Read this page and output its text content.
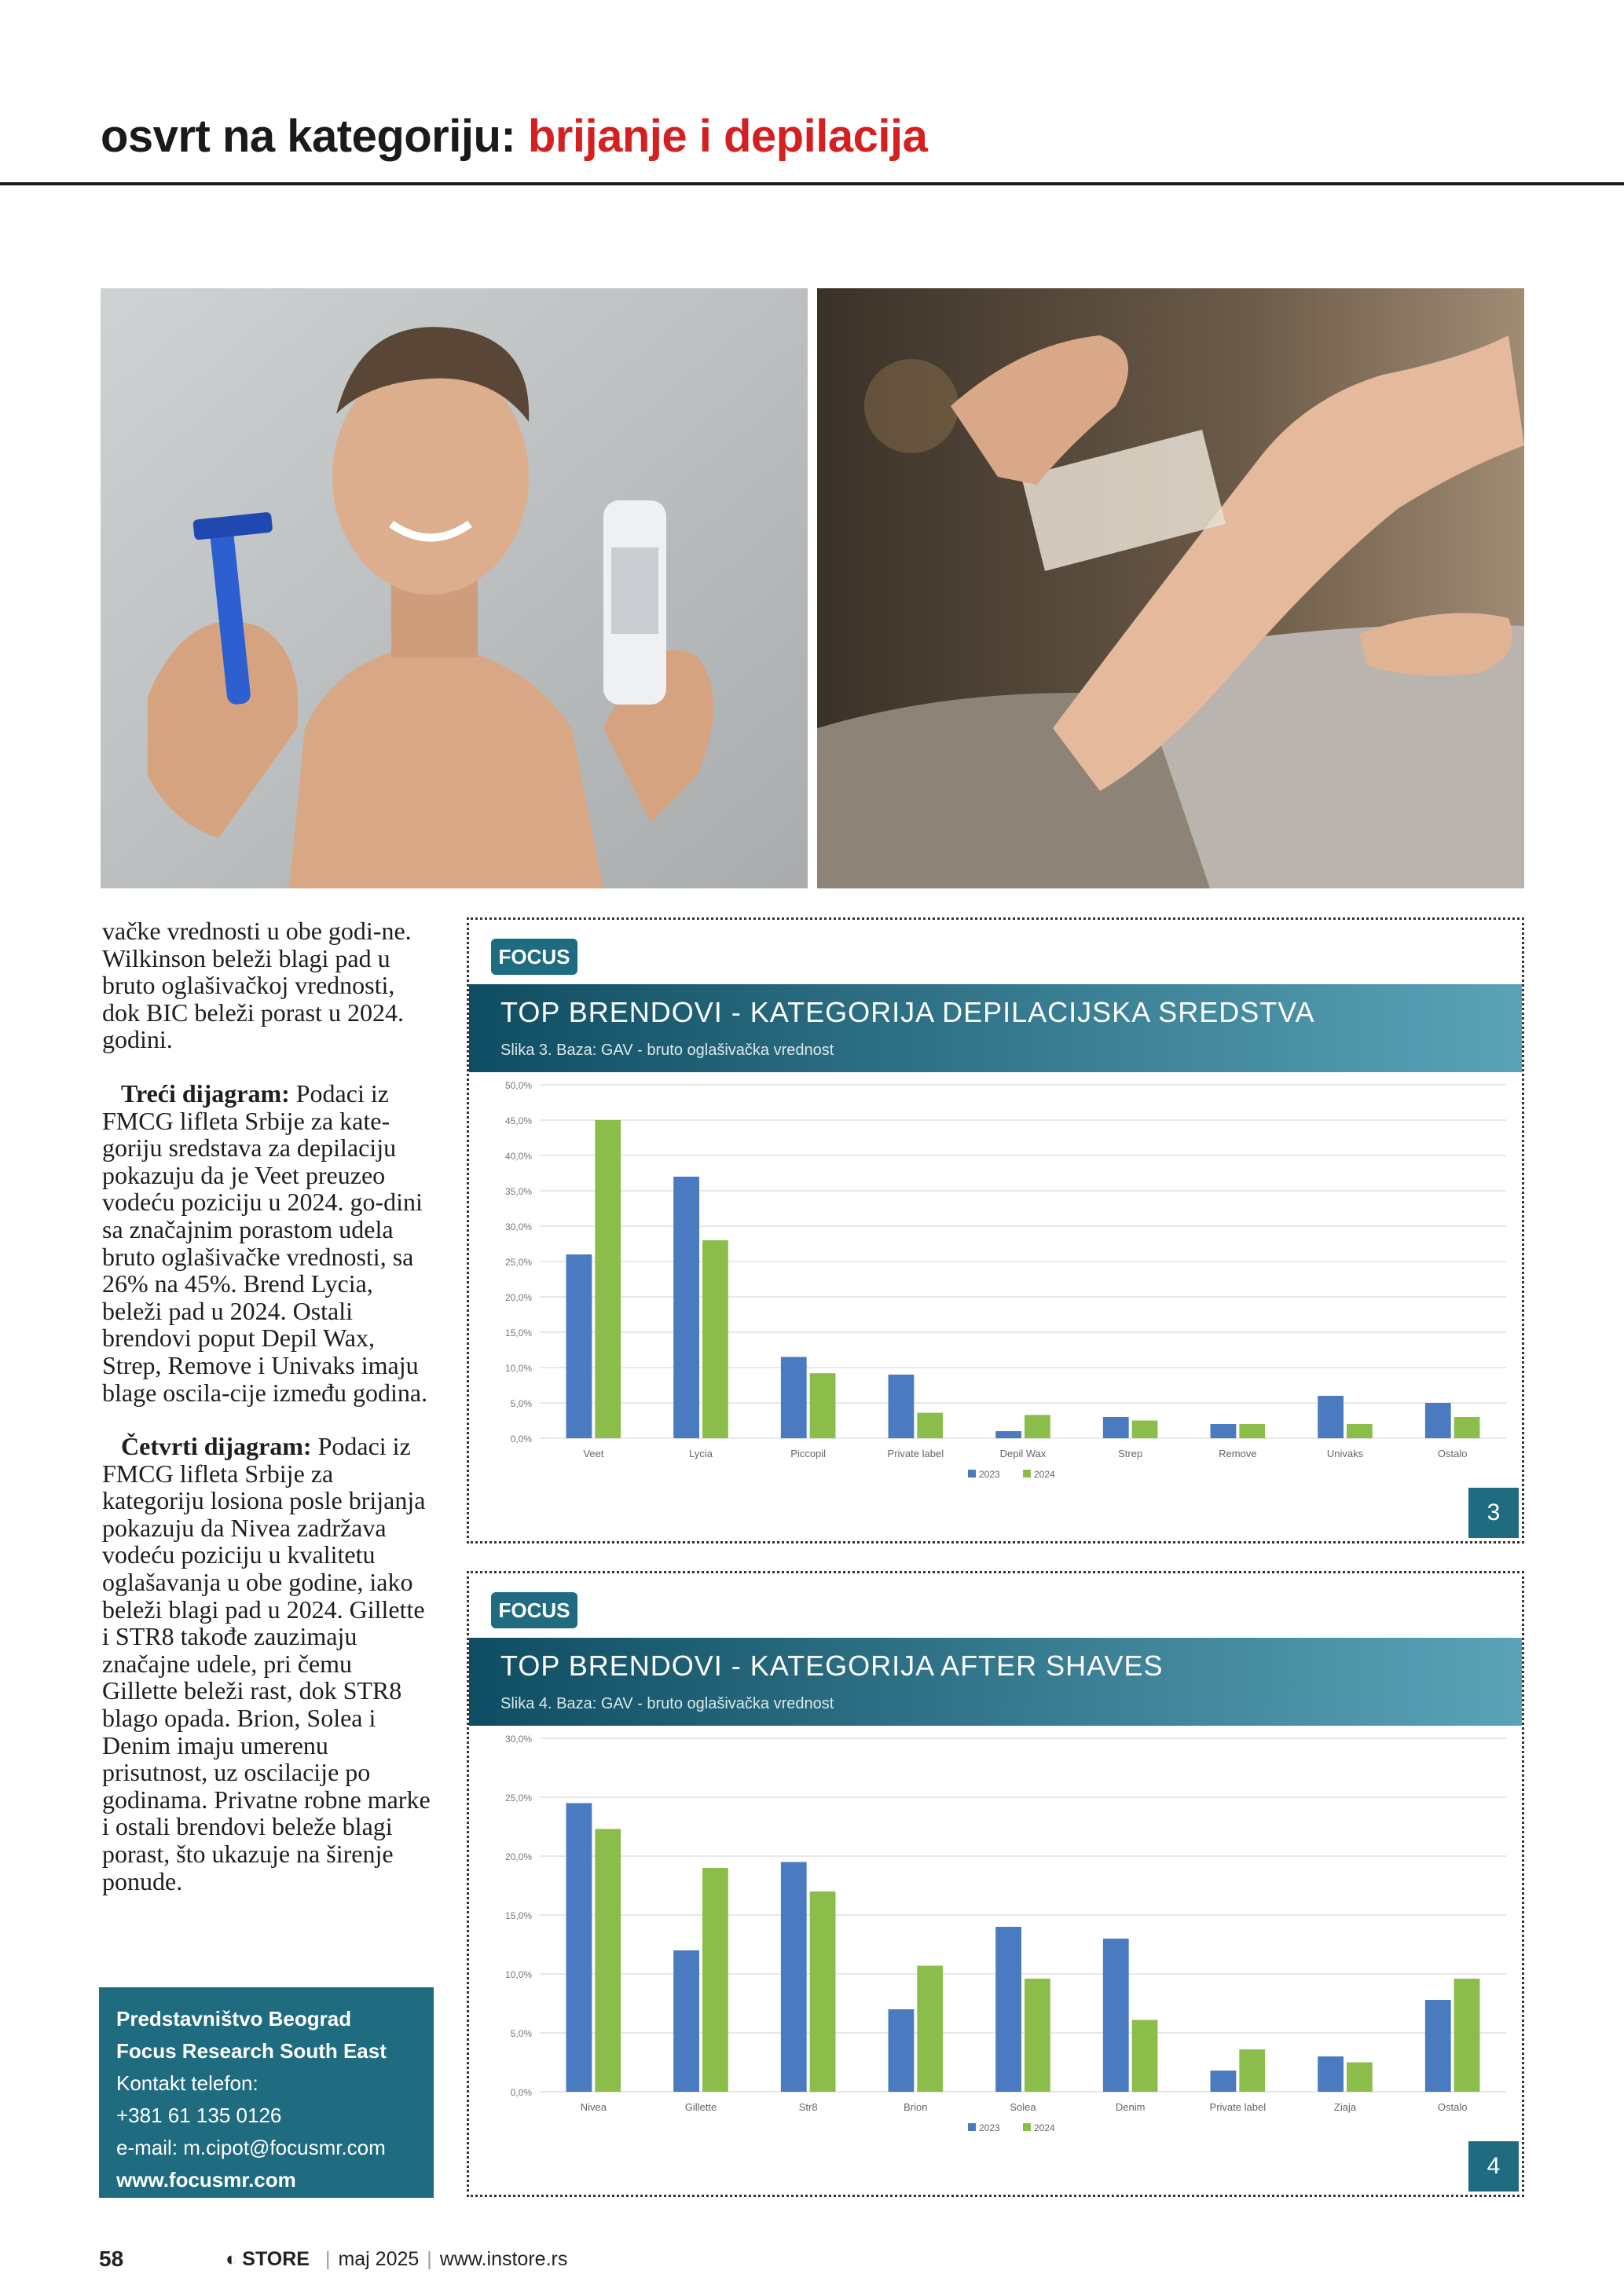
osvrt na kategoriju: brijanje i depilacija

vačke vrednosti u obe godi-ne. Wilkinson beleži blagi pad u bruto oglašivačkoj vrednosti, dok BIC beleži porast u 2024. godini.

Treći dijagram: Podaci iz FMCG lifleta Srbije za kate-goriju sredstava za depilaciju pokazuju da je Veet preuzeo vodeću poziciju u 2024. go-dini sa značajnim porastom udela bruto oglašivačke vrednosti, sa 26% na 45%. Brend Lycia, beleži pad u 2024. Ostali brendovi poput Depil Wax, Strep, Remove i Univaks imaju blage oscila-cije između godina.

Četvrti dijagram: Podaci iz FMCG lifleta Srbije za kategoriju losiona posle brijanja pokazuju da Nivea zadržava vodeću poziciju u kvalitetu oglašavanja u obe godine, iako beleži blagi pad u 2024. Gillette i STR8 takođe zauzimaju značajne udele, pri čemu Gillette beleži rast, dok STR8 blago opada. Brion, Solea i Denim imaju umerenu prisutnost, uz oscilacije po godinama. Privatne robne marke i ostali brendovi beleže blagi porast, što ukazuje na širenje ponude.

Predstavništvo Beograd
Focus Research South East
Kontakt telefon:
+381 61 135 0126
e-mail: m.cipot@focusmr.com
www.focusmr.com
FOCUS
TOP BRENDOVI - KATEGORIJA DEPILACIJSKA SREDSTVA
Slika 3. Baza: GAV - bruto oglašivačka vrednost
0,0%
5,0%
10,0%
15,0%
20,0%
25,0%
30,0%
35,0%
40,0%
45,0%
50,0%
Veet	Lycia	Piccopil	Private label	Depil Wax	Strep	Remove	Univaks	Ostalo
2023	2024
3
FOCUS
TOP BRENDOVI - KATEGORIJA AFTER SHAVES
Slika 4. Baza: GAV - bruto oglašivačka vrednost
0,0%
5,0%
10,0%
15,0%
20,0%
25,0%
30,0%
Nivea	Gillette	Str8	Brion	Solea	Denim	Private label	Ziaja	Ostalo
2023	2024
4
58	◐ STORE | maj 2025 | www.instore.rs
